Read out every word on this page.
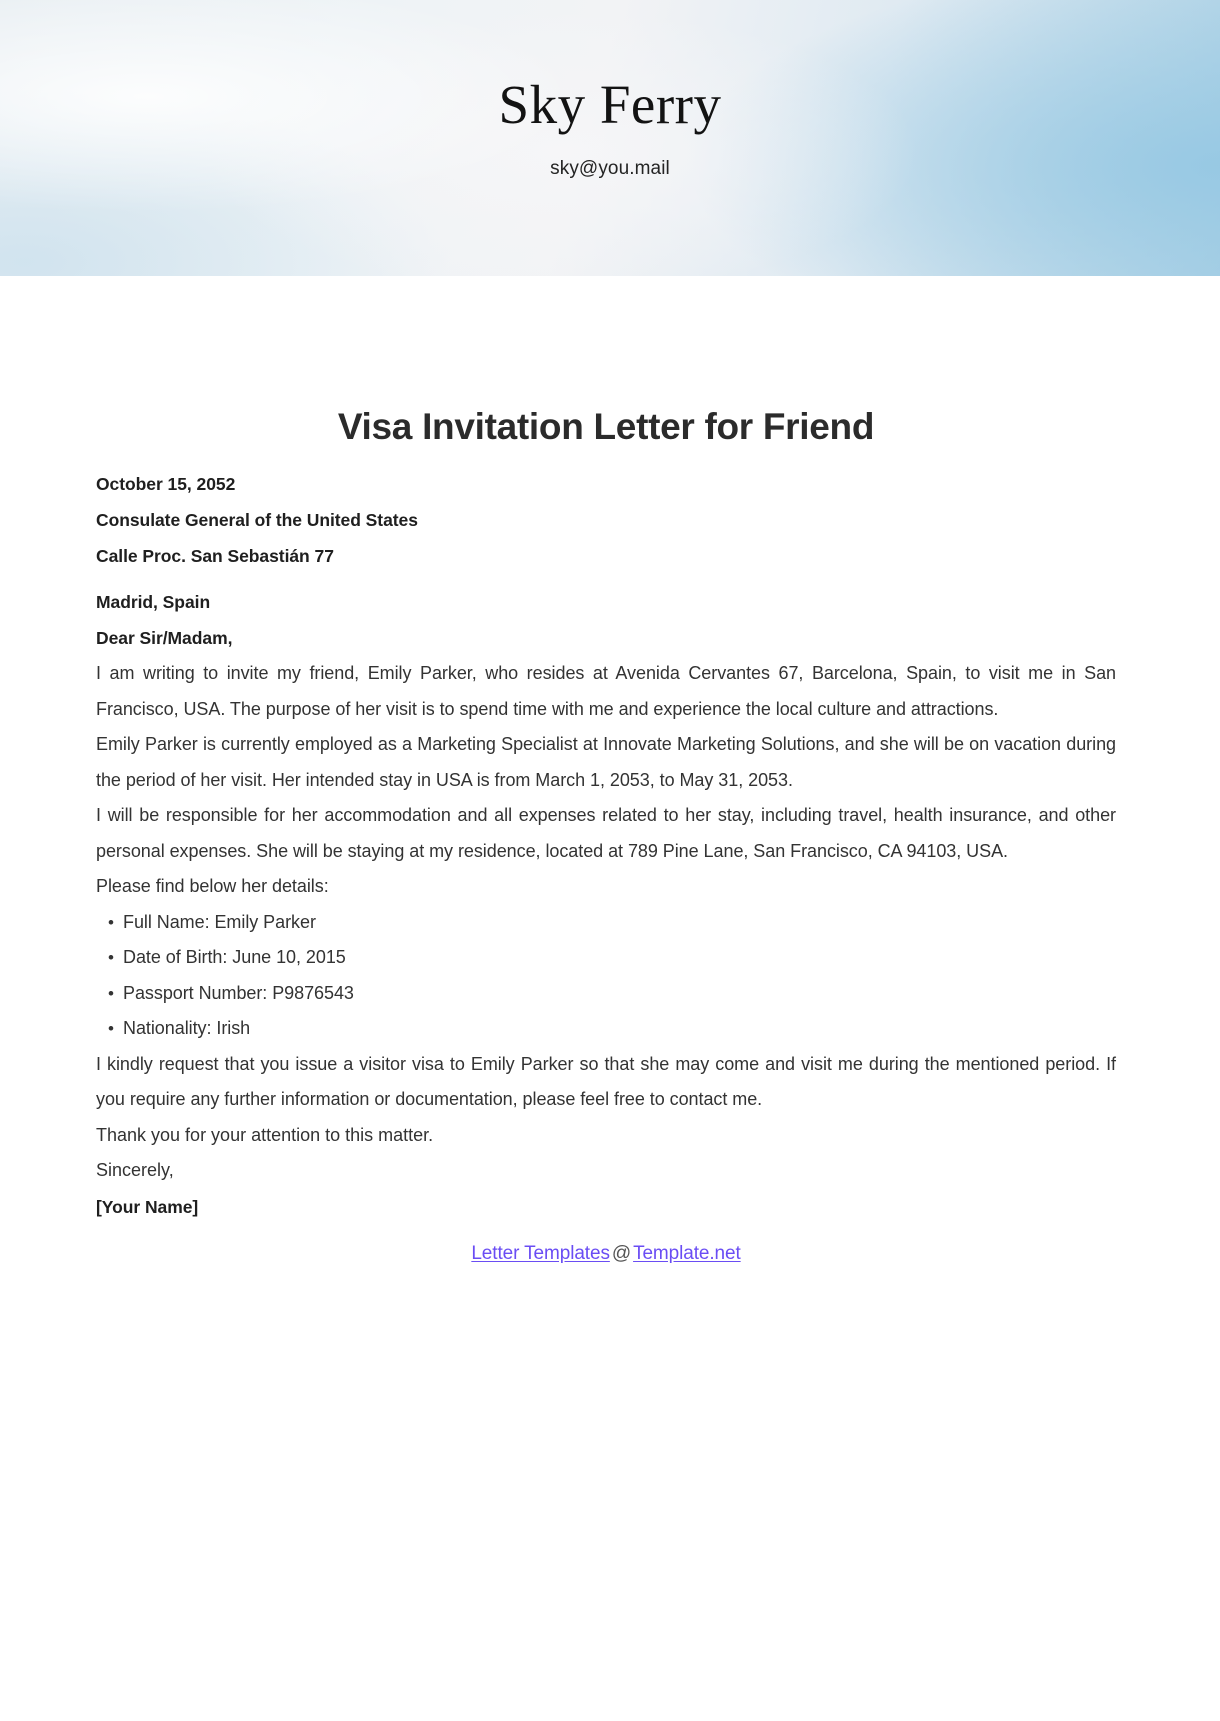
Sky Ferry
sky@you.mail
Visa Invitation Letter for Friend
October 15, 2052
Consulate General of the United States
Calle Proc. San Sebastián 77
Madrid, Spain
Dear Sir/Madam,
I am writing to invite my friend, Emily Parker, who resides at Avenida Cervantes 67, Barcelona, Spain, to visit me in San Francisco, USA. The purpose of her visit is to spend time with me and experience the local culture and attractions.
Emily Parker is currently employed as a Marketing Specialist at Innovate Marketing Solutions, and she will be on vacation during the period of her visit. Her intended stay in USA is from March 1, 2053, to May 31, 2053.
I will be responsible for her accommodation and all expenses related to her stay, including travel, health insurance, and other personal expenses. She will be staying at my residence, located at 789 Pine Lane, San Francisco, CA 94103, USA.
Please find below her details:
• Full Name: Emily Parker
• Date of Birth: June 10, 2015
• Passport Number: P9876543
• Nationality: Irish
I kindly request that you issue a visitor visa to Emily Parker so that she may come and visit me during the mentioned period. If you require any further information or documentation, please feel free to contact me.
Thank you for your attention to this matter.
Sincerely,
[Your Name]
Letter Templates @ Template.net
